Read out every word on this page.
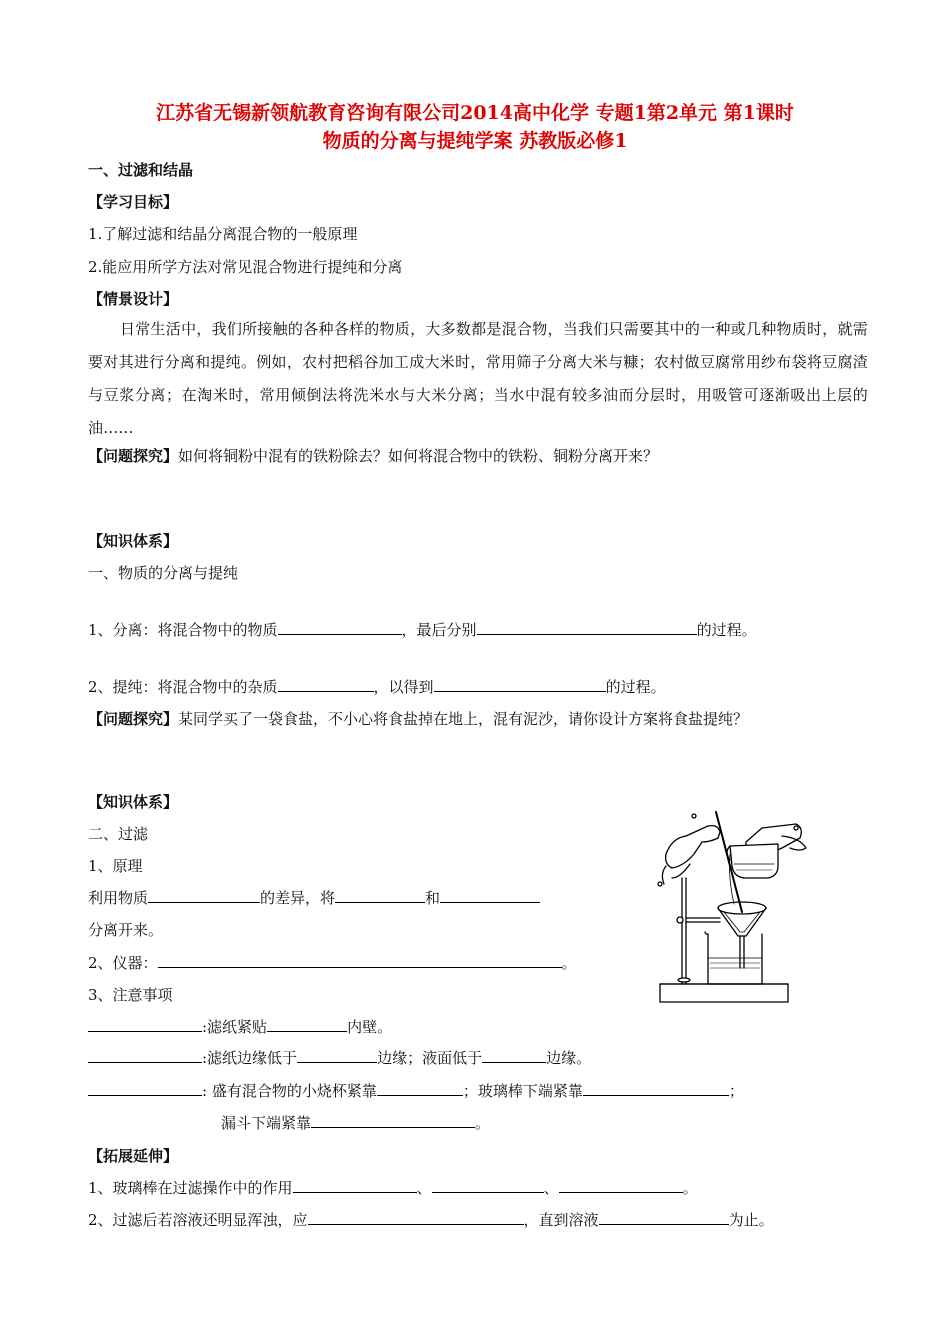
江苏省无锡新领航教育咨询有限公司2014高中化学 专题1第2单元 第1课时
物质的分离与提纯学案 苏教版必修1
一、过滤和结晶
【学习目标】
1.了解过滤和结晶分离混合物的一般原理
2.能应用所学方法对常见混合物进行提纯和分离
【情景设计】
日常生活中，我们所接触的各种各样的物质，大多数都是混合物，当我们只需要其中的一种或几种物质时，就需要对其进行分离和提纯。例如，农村把稻谷加工成大米时，常用筛子分离大米与糠；农村做豆腐常用纱布袋将豆腐渣与豆浆分离；在淘米时，常用倾倒法将洗米水与大米分离；当水中混有较多油而分层时，用吸管可逐渐吸出上层的油……
【问题探究】如何将铜粉中混有的铁粉除去？如何将混合物中的铁粉、铜粉分离开来？
【知识体系】
一、物质的分离与提纯
1、分离：将混合物中的物质	，最后分别	的过程。
2、提纯：将混合物中的杂质	，以得到	的过程。
【问题探究】某同学买了一袋食盐，不小心将食盐掉在地上，混有泥沙，请你设计方案将食盐提纯？
【知识体系】
二、过滤
1、原理
利用物质	的差异，将	和
分离开来。
2、仪器：	。
3、注意事项
:滤纸紧贴	内壁。
:滤纸边缘低于	边缘；液面低于	边缘。
: 盛有混合物的小烧杯紧靠	；玻璃棒下端紧靠	；
漏斗下端紧靠	。
【拓展延伸】
1、玻璃棒在过滤操作中的作用	、	、	。
2、过滤后若溶液还明显浑浊，应	，直到溶液	为止。
